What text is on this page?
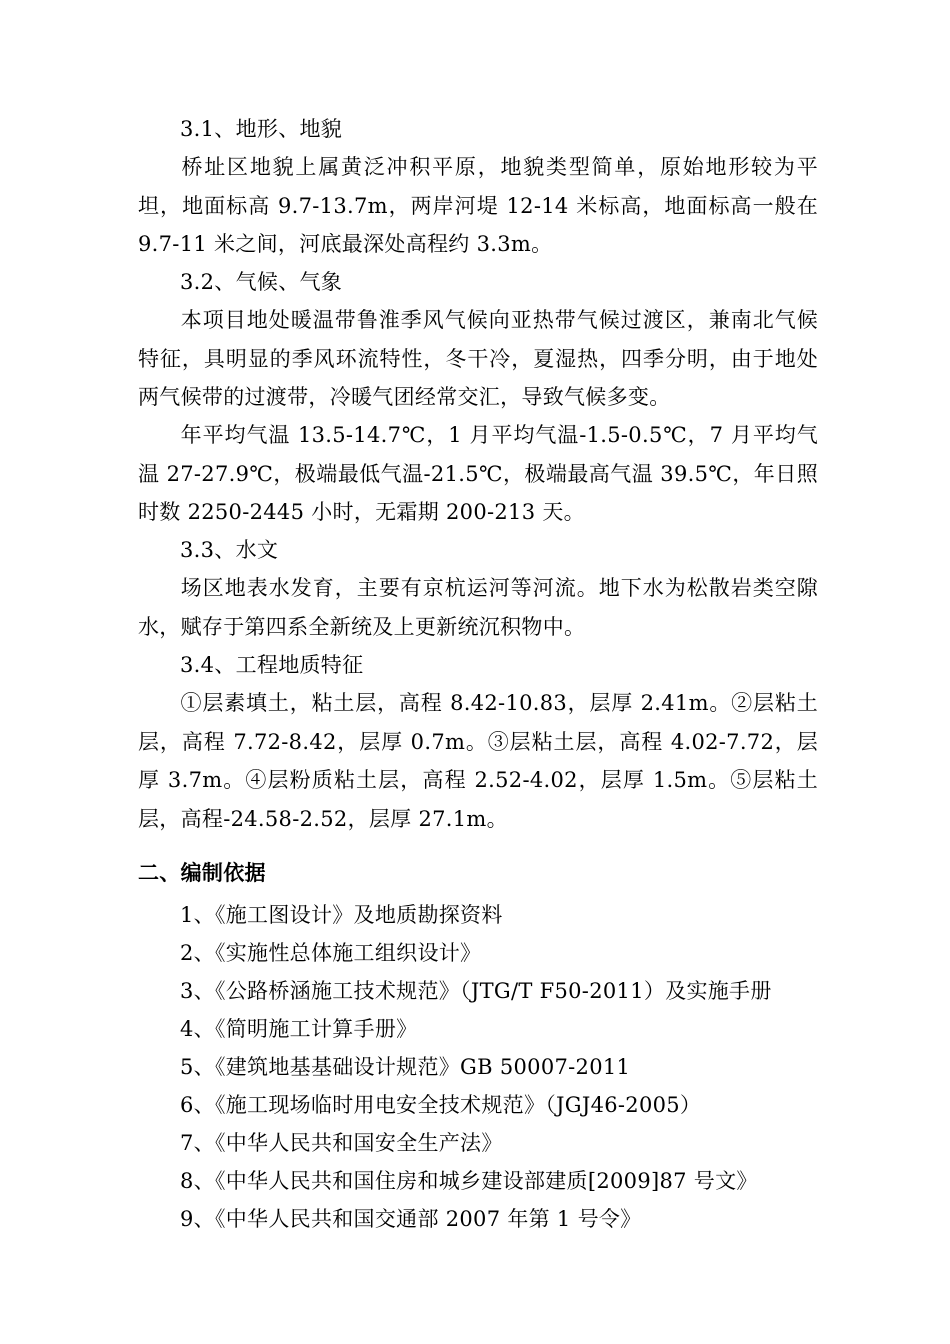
3.1、地形、地貌
桥址区地貌上属黄泛冲积平原，地貌类型简单，原始地形较为平坦，地面标高 9.7-13.7m，两岸河堤 12-14 米标高，地面标高一般在 9.7-11 米之间，河底最深处高程约 3.3m。
3.2、气候、气象
本项目地处暖温带鲁淮季风气候向亚热带气候过渡区，兼南北气候特征，具明显的季风环流特性，冬干冷，夏湿热，四季分明，由于地处两气候带的过渡带，冷暖气团经常交汇，导致气候多变。
年平均气温 13.5-14.7℃，1 月平均气温-1.5-0.5℃，7 月平均气温 27-27.9℃，极端最低气温-21.5℃，极端最高气温 39.5℃，年日照时数 2250-2445 小时，无霜期 200-213 天。
3.3、水文
场区地表水发育，主要有京杭运河等河流。地下水为松散岩类空隙水，赋存于第四系全新统及上更新统沉积物中。
3.4、工程地质特征
①层素填土，粘土层，高程 8.42-10.83，层厚 2.41m。②层粘土层，高程 7.72-8.42，层厚 0.7m。③层粘土层，高程 4.02-7.72，层厚 3.7m。④层粉质粘土层，高程 2.52-4.02，层厚 1.5m。⑤层粘土层，高程-24.58-2.52，层厚 27.1m。
二、编制依据
1、《施工图设计》及地质勘探资料
2、《实施性总体施工组织设计》
3、《公路桥涵施工技术规范》（JTG/T F50-2011）及实施手册
4、《简明施工计算手册》
5、《建筑地基基础设计规范》GB 50007-2011
6、《施工现场临时用电安全技术规范》（JGJ46-2005）
7、《中华人民共和国安全生产法》
8、《中华人民共和国住房和城乡建设部建质[2009]87 号文》
9、《中华人民共和国交通部 2007 年第 1 号令》
